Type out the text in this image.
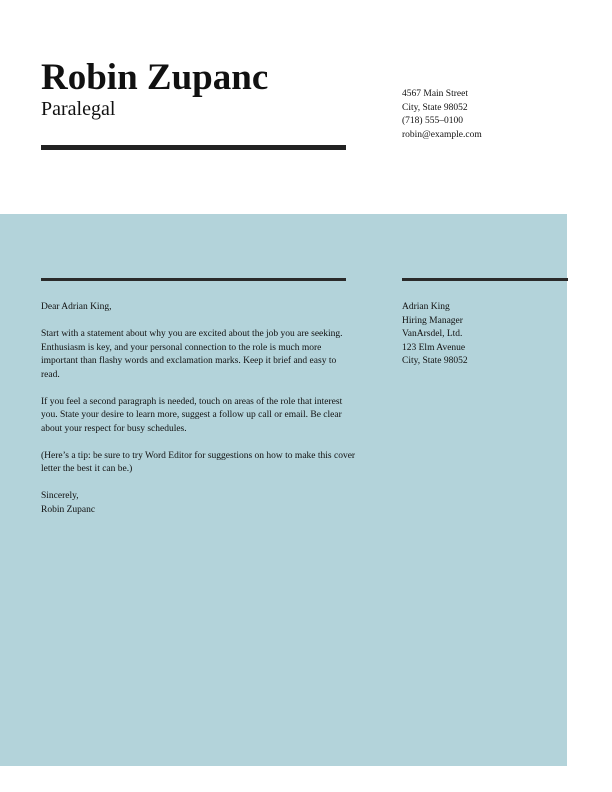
Robin Zupanc
Paralegal
4567 Main Street
City, State 98052
(718) 555–0100
robin@example.com

Dear Adrian King,

Start with a statement about why you are excited about the job you are seeking. Enthusiasm is key, and your personal connection to the role is much more important than flashy words and exclamation marks. Keep it brief and easy to read.

If you feel a second paragraph is needed, touch on areas of the role that interest you. State your desire to learn more, suggest a follow up call or email. Be clear about your respect for busy schedules.

(Here’s a tip: be sure to try Word Editor for suggestions on how to make this cover letter the best it can be.)

Sincerely,
Robin Zupanc
Adrian King
Hiring Manager
VanArsdel, Ltd.
123 Elm Avenue
City, State 98052
